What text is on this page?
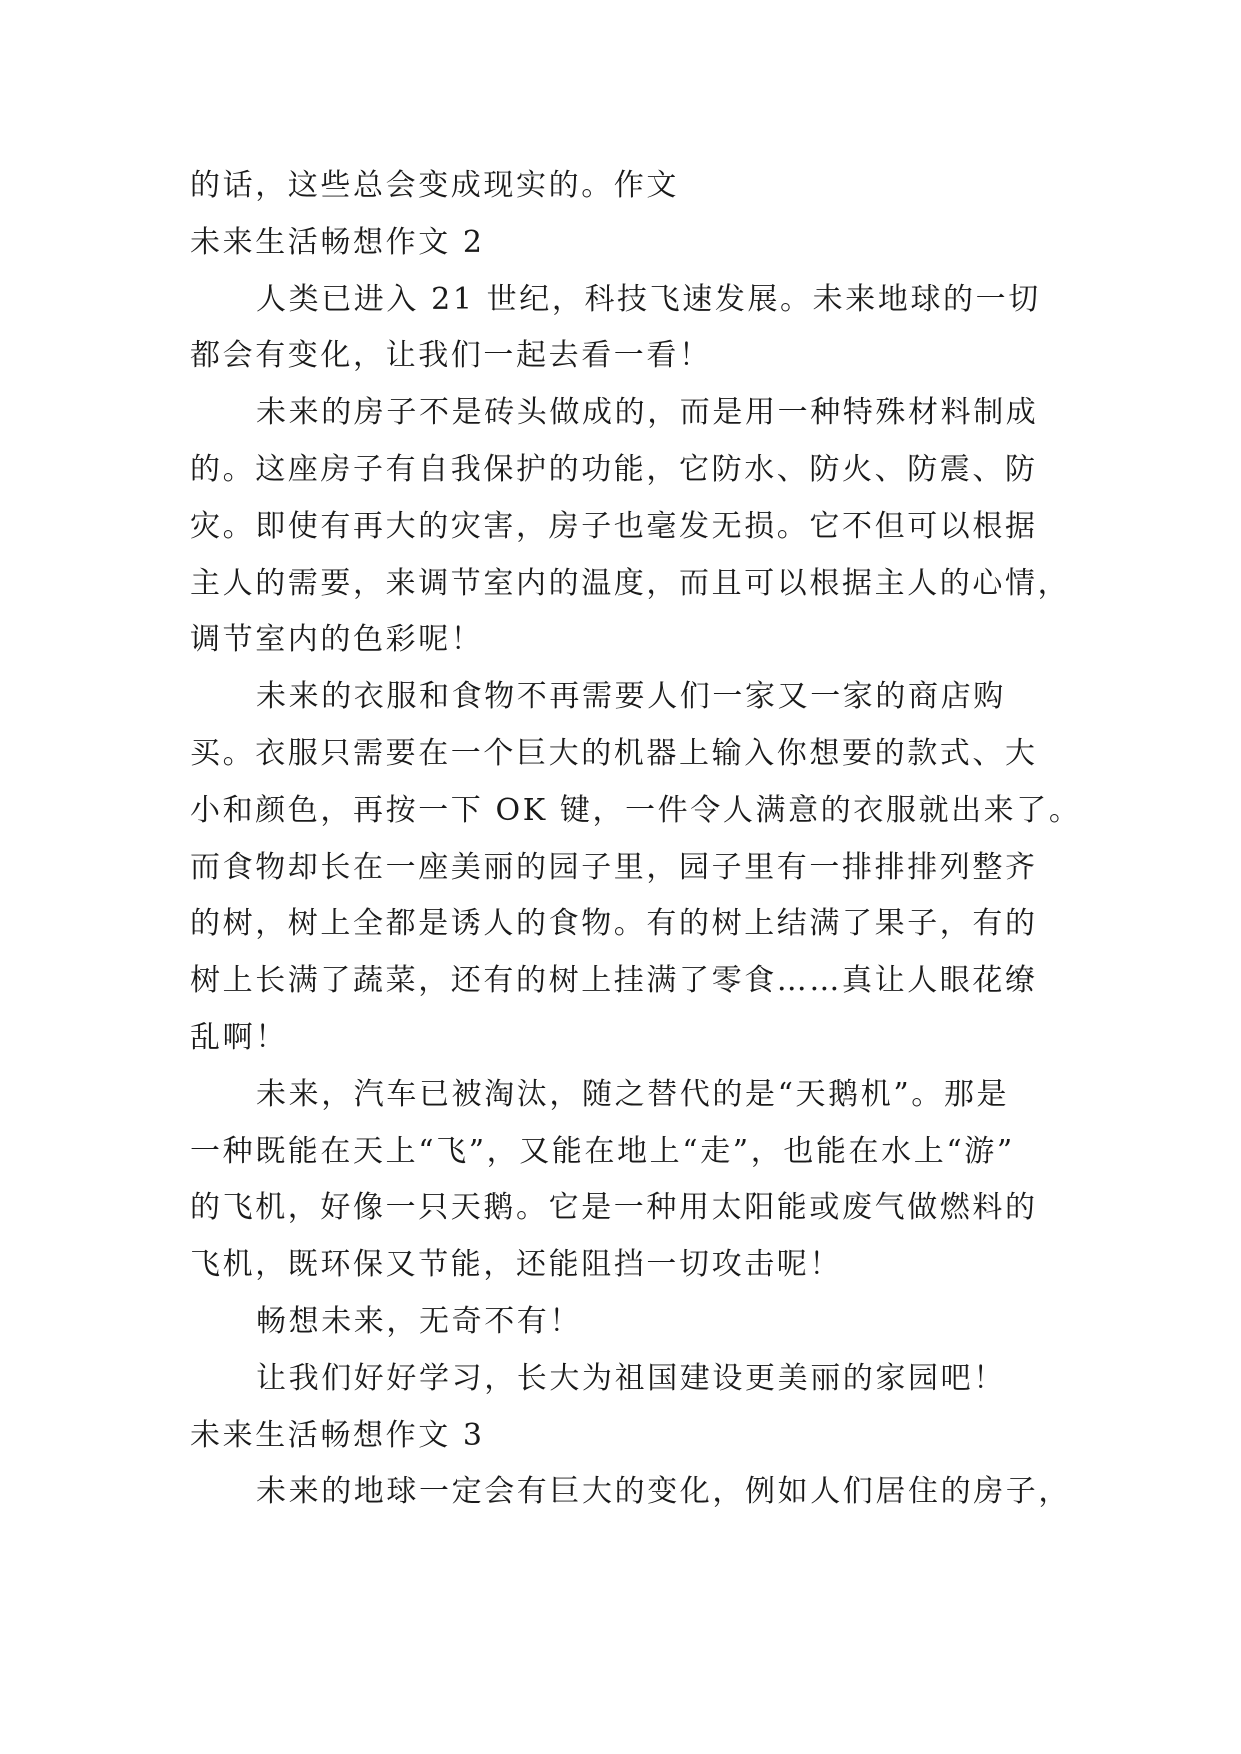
的话，这些总会变成现实的。作文
未来生活畅想作文 2
人类已进入 21 世纪，科技飞速发展。未来地球的一切
都会有变化，让我们一起去看一看！
未来的房子不是砖头做成的，而是用一种特殊材料制成
的。这座房子有自我保护的功能，它防水、防火、防震、防
灾。即使有再大的灾害，房子也毫发无损。它不但可以根据
主人的需要，来调节室内的温度，而且可以根据主人的心情，
调节室内的色彩呢！
未来的衣服和食物不再需要人们一家又一家的商店购
买。衣服只需要在一个巨大的机器上输入你想要的款式、大
小和颜色，再按一下 OK 键，一件令人满意的衣服就出来了。
而食物却长在一座美丽的园子里，园子里有一排排排列整齐
的树，树上全都是诱人的食物。有的树上结满了果子，有的
树上长满了蔬菜，还有的树上挂满了零食……真让人眼花缭
乱啊！
未来，汽车已被淘汰，随之替代的是“天鹅机”。那是
一种既能在天上“飞”，又能在地上“走”，也能在水上“游”
的飞机，好像一只天鹅。它是一种用太阳能或废气做燃料的
飞机，既环保又节能，还能阻挡一切攻击呢！
畅想未来，无奇不有！
让我们好好学习，长大为祖国建设更美丽的家园吧！
未来生活畅想作文 3
未来的地球一定会有巨大的变化，例如人们居住的房子，
